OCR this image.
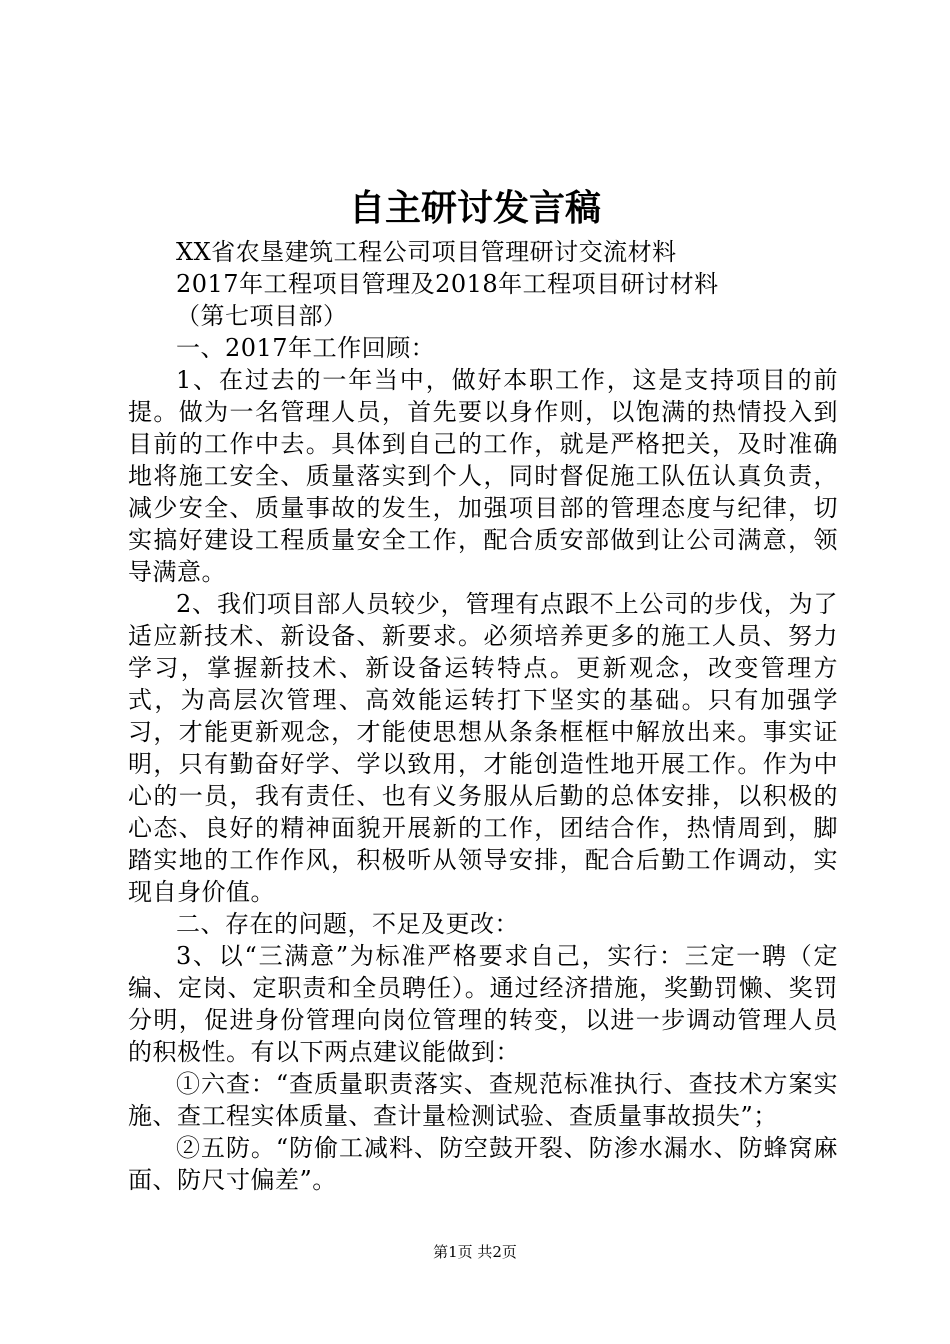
自主研讨发言稿

XX省农垦建筑工程公司项目管理研讨交流材料

2017年工程项目管理及2018年工程项目研讨材料

（第七项目部）

一、2017年工作回顾：

1、在过去的一年当中，做好本职工作，这是支持项目的前提。做为一名管理人员，首先要以身作则，以饱满的热情投入到目前的工作中去。具体到自己的工作，就是严格把关，及时准确地将施工安全、质量落实到个人，同时督促施工队伍认真负责，减少安全、质量事故的发生，加强项目部的管理态度与纪律，切实搞好建设工程质量安全工作，配合质安部做到让公司满意，领导满意。

2、我们项目部人员较少，管理有点跟不上公司的步伐，为了适应新技术、新设备、新要求。必须培养更多的施工人员、努力学习，掌握新技术、新设备运转特点。更新观念，改变管理方式，为高层次管理、高效能运转打下坚实的基础。只有加强学习，才能更新观念，才能使思想从条条框框中解放出来。事实证明，只有勤奋好学、学以致用，才能创造性地开展工作。作为中心的一员，我有责任、也有义务服从后勤的总体安排，以积极的心态、良好的精神面貌开展新的工作，团结合作，热情周到，脚踏实地的工作作风，积极听从领导安排，配合后勤工作调动，实现自身价值。

二、存在的问题，不足及更改：

3、以“三满意”为标准严格要求自己，实行：三定一聘（定编、定岗、定职责和全员聘任）。通过经济措施，奖勤罚懒、奖罚分明，促进身份管理向岗位管理的转变，以进一步调动管理人员的积极性。有以下两点建议能做到：

①六查：“查质量职责落实、查规范标准执行、查技术方案实施、查工程实体质量、查计量检测试验、查质量事故损失”；

②五防。“防偷工减料、防空鼓开裂、防渗水漏水、防蜂窝麻面、防尺寸偏差”。

第1页 共2页
